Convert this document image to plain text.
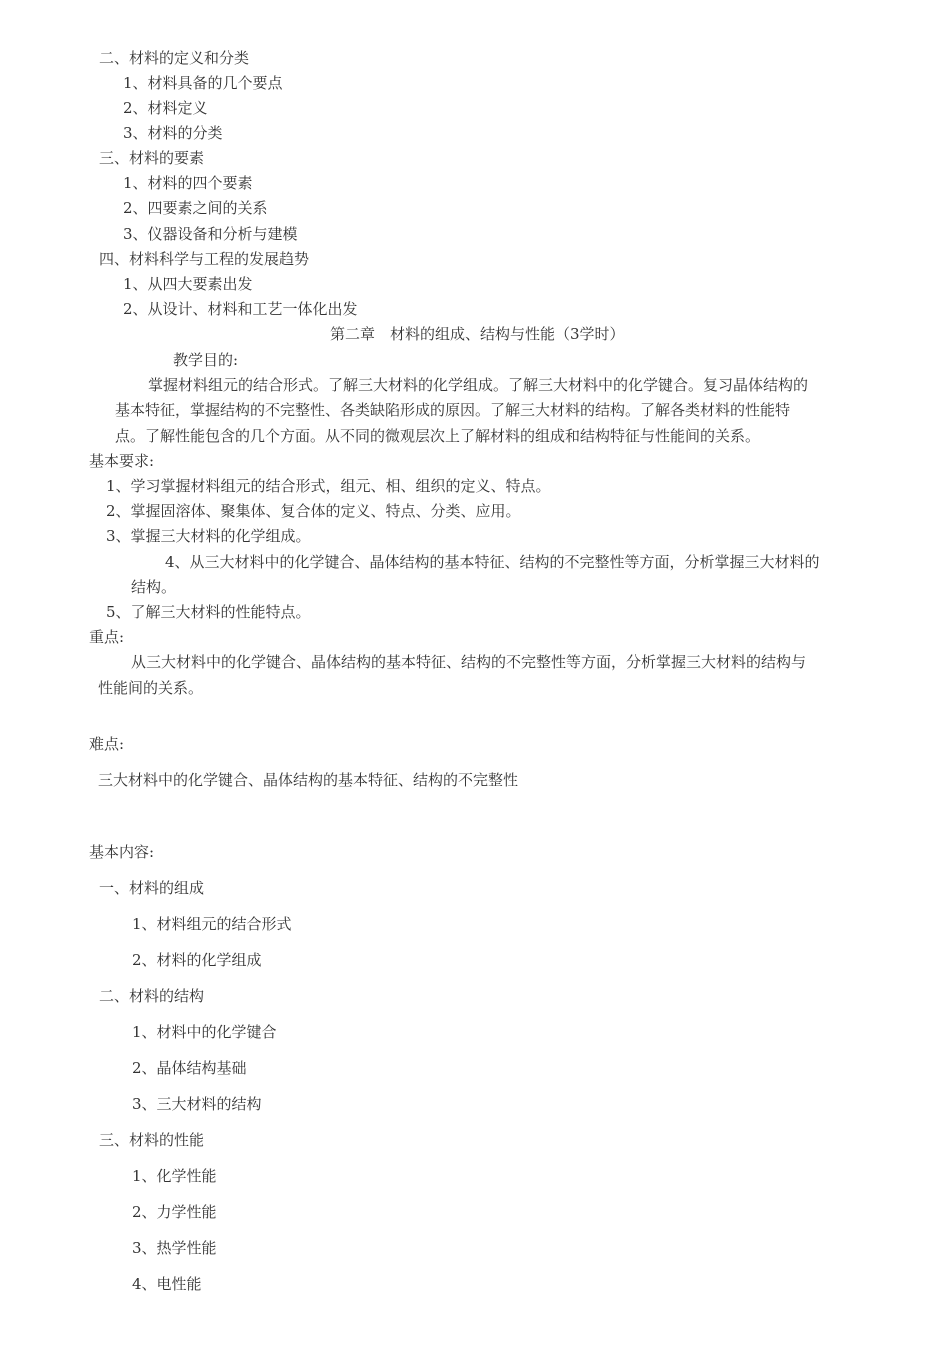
二、材料的定义和分类
1、材料具备的几个要点
2、材料定义
3、材料的分类
三、材料的要素
1、材料的四个要素
2、四要素之间的关系
3、仪器设备和分析与建模
四、材料科学与工程的发展趋势
1、从四大要素出发
2、从设计、材料和工艺一体化出发
第二章　材料的组成、结构与性能（3学时）
教学目的:
掌握材料组元的结合形式。了解三大材料的化学组成。了解三大材料中的化学键合。复习晶体结构的
基本特征，掌握结构的不完整性、各类缺陷形成的原因。了解三大材料的结构。了解各类材料的性能特
点。了解性能包含的几个方面。从不同的微观层次上了解材料的组成和结构特征与性能间的关系。
基本要求:
1、学习掌握材料组元的结合形式，组元、相、组织的定义、特点。
2、掌握固溶体、聚集体、复合体的定义、特点、分类、应用。
3、掌握三大材料的化学组成。
4、从三大材料中的化学键合、晶体结构的基本特征、结构的不完整性等方面，分析掌握三大材料的
结构。
5、了解三大材料的性能特点。
重点:
从三大材料中的化学键合、晶体结构的基本特征、结构的不完整性等方面，分析掌握三大材料的结构与
性能间的关系。
难点:
三大材料中的化学键合、晶体结构的基本特征、结构的不完整性
基本内容:
一、材料的组成
1、材料组元的结合形式
2、材料的化学组成
二、材料的结构
1、材料中的化学键合
2、晶体结构基础
3、三大材料的结构
三、材料的性能
1、化学性能
2、力学性能
3、热学性能
4、电性能
